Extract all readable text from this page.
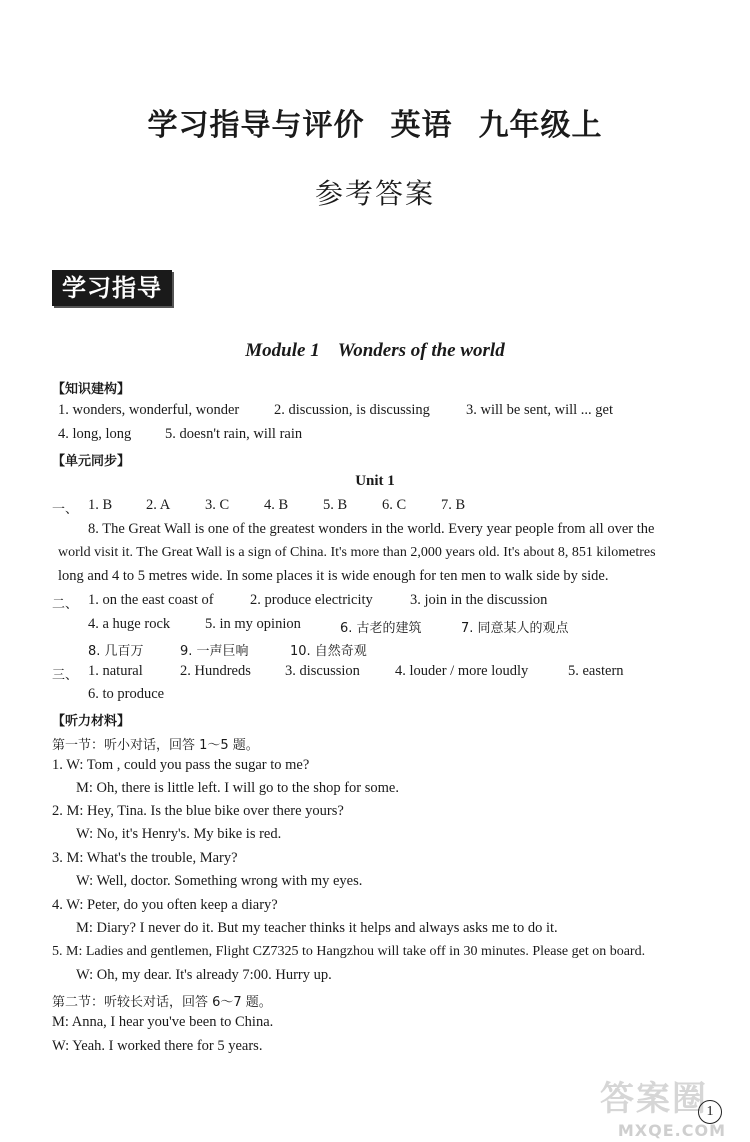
学习指导与评价 英语 九年级上
参考答案
学习指导
Module 1 Wonders of the world
【知识建构】
1. wonders, wonderful, wonder 2. discussion, is discussing 3. will be sent, will ... get
4. long, long 5. doesn't rain, will rain
【单元同步】
Unit 1
一、 1. B 2. A 3. C 4. B 5. B 6. C 7. B
8. The Great Wall is one of the greatest wonders in the world. Every year people from all over the
world visit it. The Great Wall is a sign of China. It's more than 2,000 years old. It's about 8, 851 kilometres
long and 4 to 5 metres wide. In some places it is wide enough for ten men to walk side by side.
二、 1. on the east coast of	2. produce electricity	3. join in the discussion
4. a huge rock 5. in my opinion	6. 古老的建筑	7. 同意某人的观点
8. 几百万	9. 一声巨响	10. 自然奇观
三、 1. natural	2. Hundreds 3. discussion 4. louder / more loudly	5. eastern
6. to produce
【听力材料】
第一节：听小对话，回答 1～5 题。
1. W: Tom , could you pass the sugar to me?
M: Oh, there is little left. I will go to the shop for some.
2. M: Hey, Tina. Is the blue bike over there yours?
W: No, it's Henry's. My bike is red.
3. M: What's the trouble, Mary?
W: Well, doctor. Something wrong with my eyes.
4. W: Peter, do you often keep a diary?
M: Diary? I never do it. But my teacher thinks it helps and always asks me to do it.
5. M: Ladies and gentlemen, Flight CZ7325 to Hangzhou will take off in 30 minutes. Please get on board.
W: Oh, my dear. It's already 7:00. Hurry up.
第二节：听较长对话，回答 6～7 题。
M: Anna, I hear you've been to China.
W: Yeah. I worked there for 5 years.
答案圈
MXQE.COM
1
